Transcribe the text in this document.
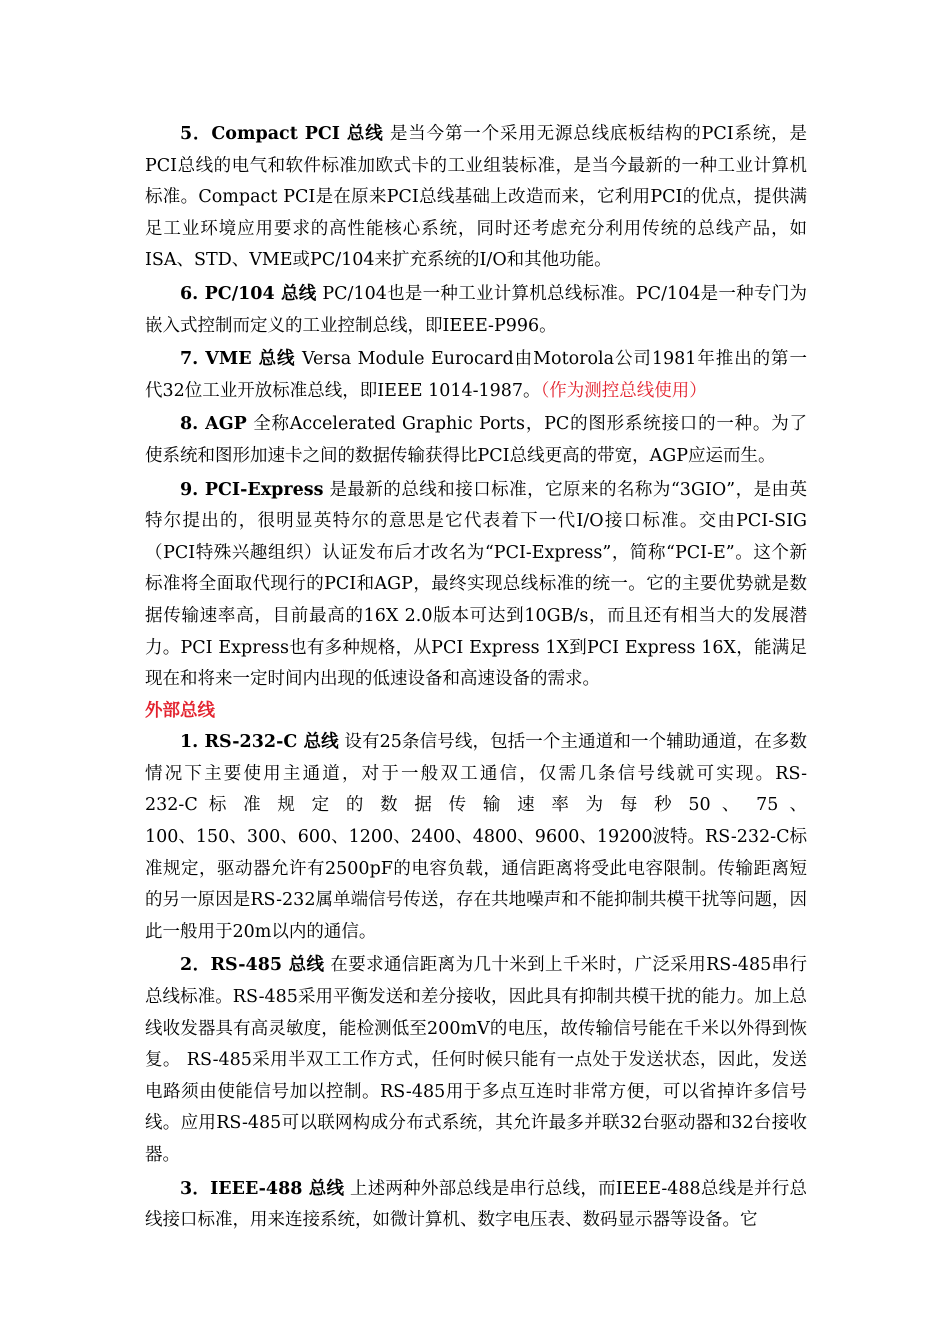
5．Compact PCI 总线 是当今第一个采用无源总线底板结构的PCI系统，是PCI总线的电气和软件标准加欧式卡的工业组装标准，是当今最新的一种工业计算机标准。Compact PCI是在原来PCI总线基础上改造而来，它利用PCI的优点，提供满足工业环境应用要求的高性能核心系统，同时还考虑充分利用传统的总线产品，如ISA、STD、VME或PC/104来扩充系统的I/O和其他功能。

6. PC/104 总线 PC/104也是一种工业计算机总线标准。PC/104是一种专门为嵌入式控制而定义的工业控制总线，即IEEE-P996。

7. VME 总线 Versa Module Eurocard由Motorola公司1981年推出的第一代32位工业开放标准总线，即IEEE 1014-1987。（作为测控总线使用）

8. AGP 全称Accelerated Graphic Ports，PC的图形系统接口的一种。为了使系统和图形加速卡之间的数据传输获得比PCI总线更高的带宽，AGP应运而生。

9. PCI-Express 是最新的总线和接口标准，它原来的名称为“3GIO”，是由英特尔提出的，很明显英特尔的意思是它代表着下一代I/O接口标准。交由PCI-SIG（PCI特殊兴趣组织）认证发布后才改名为“PCI-Express”，简称“PCI-E”。这个新标准将全面取代现行的PCI和AGP，最终实现总线标准的统一。它的主要优势就是数据传输速率高，目前最高的16X 2.0版本可达到10GB/s，而且还有相当大的发展潜力。PCI Express也有多种规格，从PCI Express 1X到PCI Express 16X，能满足现在和将来一定时间内出现的低速设备和高速设备的需求。

外部总线

1. RS-232-C 总线 设有25条信号线，包括一个主通道和一个辅助通道，在多数情况下主要使用主通道，对于一般双工通信，仅需几条信号线就可实现。RS-

232-C 标 准 规 定 的 数 据 传 输 速 率 为 每 秒 50 、 75 、

100、150、300、600、1200、2400、4800、9600、19200波特。RS-232-C标准规定，驱动器允许有2500pF的电容负载，通信距离将受此电容限制。传输距离短的另一原因是RS-232属单端信号传送，存在共地噪声和不能抑制共模干扰等问题，因此一般用于20m以内的通信。

2．RS-485 总线 在要求通信距离为几十米到上千米时，广泛采用RS-485串行总线标准。RS-485采用平衡发送和差分接收，因此具有抑制共模干扰的能力。加上总线收发器具有高灵敏度，能检测低至200mV的电压，故传输信号能在千米以外得到恢复。 RS-485采用半双工工作方式，任何时候只能有一点处于发送状态，因此，发送电路须由使能信号加以控制。RS-485用于多点互连时非常方便，可以省掉许多信号线。应用RS-485可以联网构成分布式系统，其允许最多并联32台驱动器和32台接收器。

3．IEEE-488 总线 上述两种外部总线是串行总线，而IEEE-488总线是并行总线接口标准，用来连接系统，如微计算机、数字电压表、数码显示器等设备。它
